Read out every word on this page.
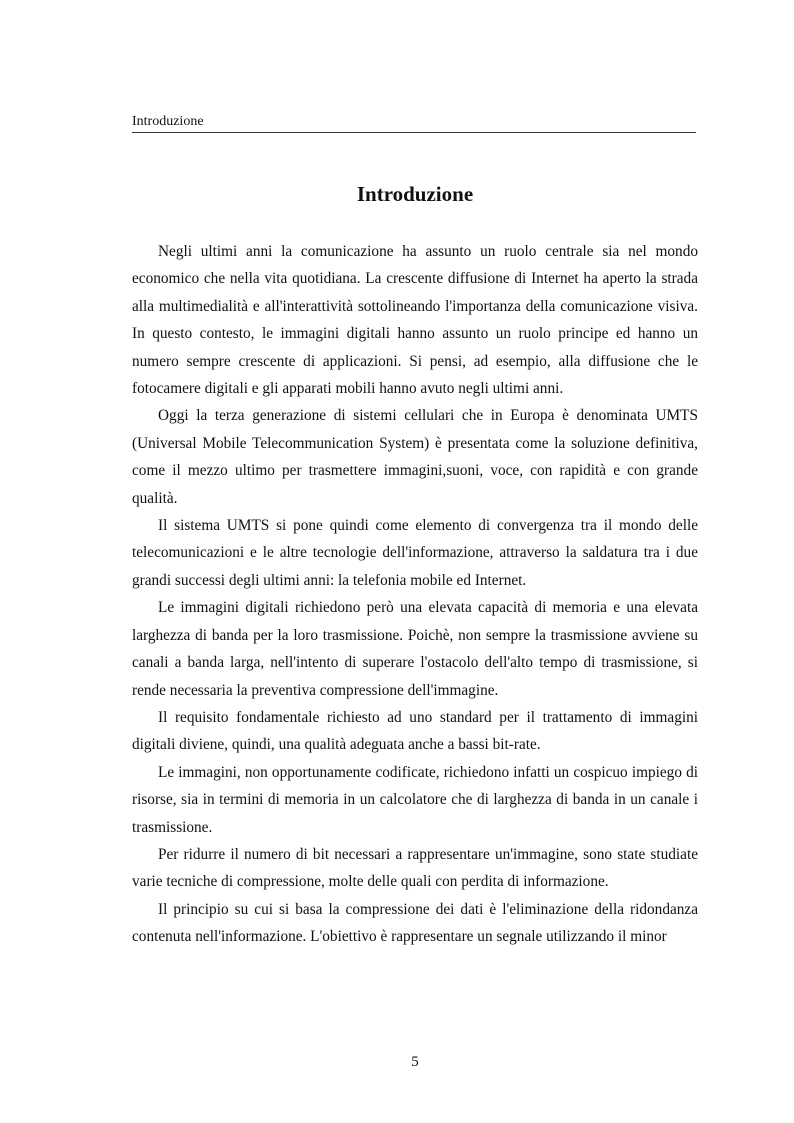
Introduzione
Introduzione

Negli ultimi anni la comunicazione ha assunto un ruolo centrale sia nel mondo economico che nella vita quotidiana. La crescente diffusione di Internet ha aperto la strada alla multimedialità e all'interattività sottolineando l'importanza della comunicazione visiva. In questo contesto, le immagini digitali hanno assunto un ruolo principe ed hanno un numero sempre crescente di applicazioni. Si pensi, ad esempio, alla diffusione che le fotocamere digitali e gli apparati mobili hanno avuto negli ultimi anni.

Oggi la terza generazione di sistemi cellulari che in Europa è denominata UMTS (Universal Mobile Telecommunication System) è presentata come la soluzione definitiva, come il mezzo ultimo per trasmettere immagini,suoni, voce, con rapidità e con grande qualità.

Il sistema UMTS si pone quindi come elemento di convergenza tra il mondo delle telecomunicazioni e le altre tecnologie dell'informazione, attraverso la saldatura tra i due grandi successi degli ultimi anni: la telefonia mobile ed Internet.

Le immagini digitali richiedono però una elevata capacità di memoria e una elevata larghezza di banda per la loro trasmissione. Poichè, non sempre la trasmissione avviene su canali a banda larga, nell'intento di superare l'ostacolo dell'alto tempo di trasmissione, si rende necessaria la preventiva compressione dell'immagine.

Il requisito fondamentale richiesto ad uno standard per il trattamento di immagini digitali diviene, quindi, una qualità adeguata anche a bassi bit-rate.

Le immagini, non opportunamente codificate, richiedono infatti un cospicuo impiego di risorse, sia in termini di memoria in un calcolatore che di larghezza di banda in un canale i trasmissione.

Per ridurre il numero di bit necessari a rappresentare un'immagine, sono state studiate varie tecniche di compressione, molte delle quali con perdita di informazione.

Il principio su cui si basa la compressione dei dati è l'eliminazione della ridondanza contenuta nell'informazione. L'obiettivo è rappresentare un segnale utilizzando il minor

5
